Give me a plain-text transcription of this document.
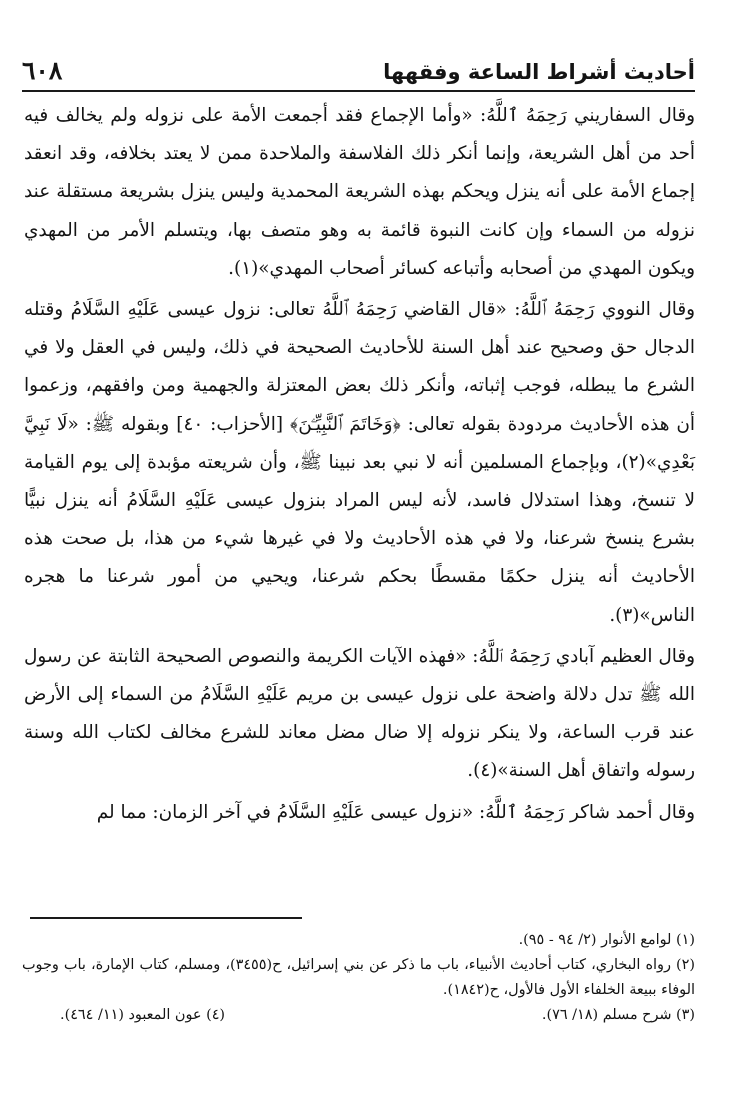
أحاديث أشراط الساعة وفقهها
٦٠٨

وقال السفاريني رَحِمَهُ ٱللَّهُ: «وأما الإجماع فقد أجمعت الأمة على نزوله ولم يخالف فيه أحد من أهل الشريعة، وإنما أنكر ذلك الفلاسفة والملاحدة ممن لا يعتد بخلافه، وقد انعقد إجماع الأمة على أنه ينزل ويحكم بهذه الشريعة المحمدية وليس ينزل بشريعة مستقلة عند نزوله من السماء وإن كانت النبوة قائمة به وهو متصف بها، ويتسلم الأمر من المهدي ويكون المهدي من أصحابه وأتباعه كسائر أصحاب المهدي»(١).

وقال النووي رَحِمَهُ ٱللَّهُ: «قال القاضي رَحِمَهُ ٱللَّهُ تعالى: نزول عيسى عَلَيْهِ السَّلَامُ وقتله الدجال حق وصحيح عند أهل السنة للأحاديث الصحيحة في ذلك، وليس في العقل ولا في الشرع ما يبطله، فوجب إثباته، وأنكر ذلك بعض المعتزلة والجهمية ومن وافقهم، وزعموا أن هذه الأحاديث مردودة بقوله تعالى: ﴿وَخَاتَمَ ٱلنَّبِيِّـۧنَ﴾ [الأحزاب: ٤٠] وبقوله ﷺ: «لَا نَبِيَّ بَعْدِي»(٢)، وبإجماع المسلمين أنه لا نبي بعد نبينا ﷺ، وأن شريعته مؤبدة إلى يوم القيامة لا تنسخ، وهذا استدلال فاسد، لأنه ليس المراد بنزول عيسى عَلَيْهِ السَّلَامُ أنه ينزل نبيًّا بشرع ينسخ شرعنا، ولا في هذه الأحاديث ولا في غيرها شيء من هذا، بل صحت هذه الأحاديث أنه ينزل حكمًا مقسطًا بحكم شرعنا، ويحيي من أمور شرعنا ما هجره الناس»(٣).

وقال العظيم آبادي رَحِمَهُ ٱللَّهُ: «فهذه الآيات الكريمة والنصوص الصحيحة الثابتة عن رسول الله ﷺ تدل دلالة واضحة على نزول عيسى بن مريم عَلَيْهِ السَّلَامُ من السماء إلى الأرض عند قرب الساعة، ولا ينكر نزوله إلا ضال مضل معاند للشرع مخالف لكتاب الله وسنة رسوله واتفاق أهل السنة»(٤).

وقال أحمد شاكر رَحِمَهُ ٱللَّهُ: «نزول عيسى عَلَيْهِ السَّلَامُ في آخر الزمان: مما لم

(١) لوامع الأنوار (٢/ ٩٤ - ٩٥).

(٢) رواه البخاري، كتاب أحاديث الأنبياء، باب ما ذكر عن بني إسرائيل، ح(٣٤٥٥)، ومسلم، كتاب الإمارة، باب وجوب الوفاء ببيعة الخلفاء الأول فالأول، ح(١٨٤٢).

(٣) شرح مسلم (١٨/ ٧٦).
(٤) عون المعبود (١١/ ٤٦٤).
